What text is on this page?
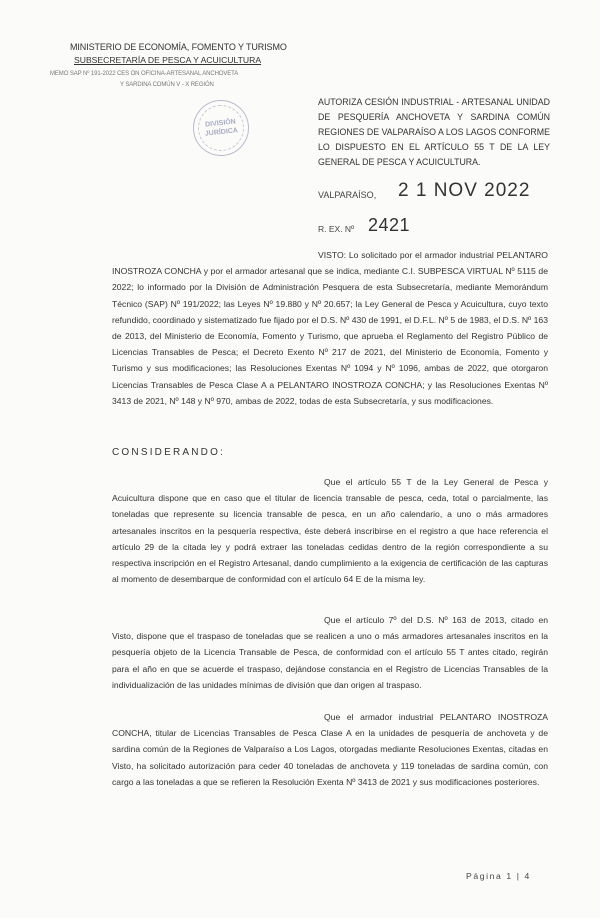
MINISTERIO DE ECONOMÍA, FOMENTO Y TURISMO
SUBSECRETARÍA DE PESCA Y ACUICULTURA
MEMO SAP Nº 191-2022 CES ON OFICINA-ARTESANAL ANCHOVETA
Y SARDINA COMÚN V - X REGIÓN
DIVISIÓN
JURÍDICA
AUTORIZA CESIÓN INDUSTRIAL - ARTESANAL UNIDAD DE PESQUERÍA ANCHOVETA Y SARDINA COMÚN REGIONES DE VALPARAÍSO A LOS LAGOS CONFORME LO DISPUESTO EN EL ARTÍCULO 55 T DE LA LEY GENERAL DE PESCA Y ACUICULTURA.
VALPARAÍSO, 2 1 NOV 2022
R. EX. Nº 2421
VISTO: Lo solicitado por el armador industrial PELANTARO INOSTROZA CONCHA y por el armador artesanal que se indica, mediante C.I. SUBPESCA VIRTUAL Nº 5115 de 2022; lo informado por la División de Administración Pesquera de esta Subsecretaría, mediante Memorándum Técnico (SAP) Nº 191/2022; las Leyes Nº 19.880 y Nº 20.657; la Ley General de Pesca y Acuicultura, cuyo texto refundido, coordinado y sistematizado fue fijado por el D.S. Nº 430 de 1991, el D.F.L. Nº 5 de 1983, el D.S. Nº 163 de 2013, del Ministerio de Economía, Fomento y Turismo, que aprueba el Reglamento del Registro Público de Licencias Transables de Pesca; el Decreto Exento Nº 217 de 2021, del Ministerio de Economía, Fomento y Turismo y sus modificaciones; las Resoluciones Exentas Nº 1094 y Nº 1096, ambas de 2022, que otorgaron Licencias Transables de Pesca Clase A a PELANTARO INOSTROZA CONCHA; y las Resoluciones Exentas Nº 3413 de 2021, Nº 148 y Nº 970, ambas de 2022, todas de esta Subsecretaría, y sus modificaciones.
CONSIDERANDO:
Que el artículo 55 T de la Ley General de Pesca y Acuicultura dispone que en caso que el titular de licencia transable de pesca, ceda, total o parcialmente, las toneladas que represente su licencia transable de pesca, en un año calendario, a uno o más armadores artesanales inscritos en la pesquería respectiva, éste deberá inscribirse en el registro a que hace referencia el artículo 29 de la citada ley y podrá extraer las toneladas cedidas dentro de la región correspondiente a su respectiva inscripción en el Registro Artesanal, dando cumplimiento a la exigencia de certificación de las capturas al momento de desembarque de conformidad con el artículo 64 E de la misma ley.
Que el artículo 7º del D.S. Nº 163 de 2013, citado en Visto, dispone que el traspaso de toneladas que se realicen a uno o más armadores artesanales inscritos en la pesquería objeto de la Licencia Transable de Pesca, de conformidad con el artículo 55 T antes citado, regirán para el año en que se acuerde el traspaso, dejándose constancia en el Registro de Licencias Transables de la individualización de las unidades mínimas de división que dan origen al traspaso.
Que el armador industrial PELANTARO INOSTROZA CONCHA, titular de Licencias Transables de Pesca Clase A en la unidades de pesquería de anchoveta y de sardina común de la Regiones de Valparaíso a Los Lagos, otorgadas mediante Resoluciones Exentas, citadas en Visto, ha solicitado autorización para ceder 40 toneladas de anchoveta y 119 toneladas de sardina común, con cargo a las toneladas a que se refieren la Resolución Exenta Nº 3413 de 2021 y sus modificaciones posteriores.
Página 1 | 4
